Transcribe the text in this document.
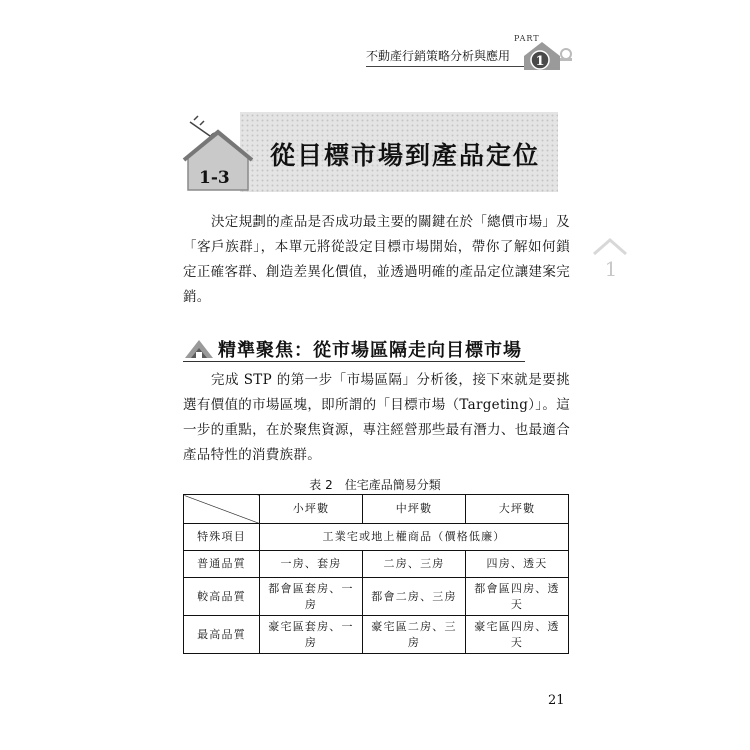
PART
不動產行銷策略分析與應用 1
1-3
從目標市場到產品定位
1
決定規劃的產品是否成功最主要的關鍵在於「總價市場」及「客戶族群」，本單元將從設定目標市場開始，帶你了解如何鎖定正確客群、創造差異化價值，並透過明確的產品定位讓建案完銷。
精準聚焦：從市場區隔走向目標市場
完成 STP 的第一步「市場區隔」分析後，接下來就是要挑選有價值的市場區塊，即所謂的「目標市場（Targeting）」。這一步的重點，在於聚焦資源，專注經營那些最有潛力、也最適合產品特性的消費族群。
表 2　住宅產品簡易分類
	小坪數	中坪數	大坪數
特殊項目	工業宅或地上權商品（價格低廉）		
普通品質	一房、套房	二房、三房	四房、透天
較高品質	都會區套房、一房	都會二房、三房	都會區四房、透天
最高品質	豪宅區套房、一房	豪宅區二房、三房	豪宅區四房、透天
21
